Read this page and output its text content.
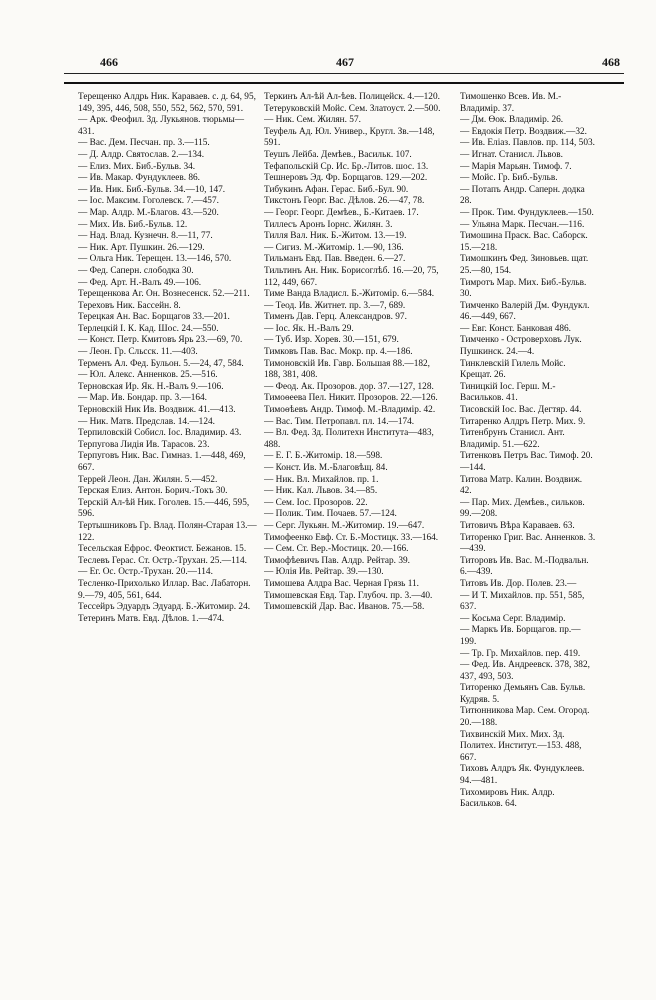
466	467	468

Терещенко Алдрь Ник. Караваев. с. д. 64, 95, 149, 395, 446, 508, 550, 552, 562, 570, 591.

— Арк. Феофил. Зд. Лукьянов. тюрьмы—431.

— Вас. Дем. Песчан. пр. 3.—115.

— Д. Алдр. Святослав. 2.—134.

— Елиз. Мих. Биб.-Бульв. 34.

— Ив. Макар. Фундуклеев. 86.

— Ив. Ник. Биб.-Бульв. 34.—10, 147.

— Іос. Максим. Гоголевск. 7.—457.

— Мар. Алдр. М.-Благов. 43.—520.

— Мих. Ив. Биб.-Бульв. 12.

— Над. Влад. Кузнечн. 8.—11, 77.

— Ник. Арт. Пушкин. 26.—129.

— Ольга Ник. Терещен. 13.—146, 570.

— Фед. Саперн. слободка 30.

— Фед. Арт. Н.-Валъ 49.—106.

Терещенкова Аг. Он. Вознесенск. 52.—211.

Тереховъ Ник. Бассейн. 8.

Терецкая Ан. Вас. Борщагов 33.—201.

Терлецкій І. К. Кад. Шос. 24.—550.

— Конст. Петр. Кмитовъ Ярь 23.—69, 70.

— Леон. Гр. Сльсск. 11.—403.

Терменъ Ал. Фед. Бульон. 5.—24, 47, 584.

— Юл. Алекс. Анненков. 25.—516.

Терновская Ир. Як. Н.-Валъ 9.—106.

— Мар. Ив. Бондар. пр. 3.—164.

Терновскій Ник Ив. Воздвиж. 41.—413.

— Ник. Матв. Предслав. 14.—124.

Терпиловскій Собисл. Іос. Владимир. 43.

Терпугова Лидія Ив. Тарасов. 23.

Терпуговъ Ник. Вас. Гимназ. 1.—448, 469, 667.

Террей Леон. Дан. Жилян. 5.—452.

Терская Елиз. Антон. Борич.-Токъ 30.

Терскій Ал-ѣй Ник. Гоголев. 15.—446, 595, 596.

Тертышниковъ Гр. Влад. Полян-Старая 13.—122.

Тесельская Ефрос. Феоктист. Бежанов. 15.

Теслевъ Герас. Ст. Остр.-Трухан. 25.—114.

— Ег. Ос. Остр.-Трухан. 20.—114.

Тесленко-Прихолько Иллар. Вас. Лабаторн. 9.—79, 405, 561, 644.

Тессейръ Эдуардъ Эдуард. Б.-Житомир. 24.

Тетеринъ Матв. Евд. Дѣлов. 1.—474.

Теркинъ Ал-ѣй Ал-ѣев. Полицейск. 4.—120.

Тетеруковскій Мойс. Сем. Златоуст. 2.—500.

— Ник. Сем. Жилян. 57.

Теуфель Ад. Юл. Универ., Кругл. Зв.—148, 591.

Теушъ Лейба. Демѣев., Васильк. 107.

Тефапольскій Ср. Ис. Бр.-Литов. шос. 13.

Тешнеровъ Эд. Фр. Борщагов. 129.—202.

Тибукинъ Афан. Герас. Биб.-Бул. 90.

Тикстонъ Георг. Вас. Дѣлов. 26.—47, 78.

— Георг. Георг. Демѣев., Б.-Китаев. 17.

Тиллесъ Аронъ Іорнс. Жилян. 3.

Тилля Вал. Ник. Б.-Житом. 13.—19.

— Сигиз. М.-Житомір. 1.—90, 136.

Тильманъ Евд. Пав. Введен. 6.—27.

Тильтинъ Ан. Ник. Борисоглѣб. 16.—20, 75, 112, 449, 667.

Тиме Ванда Владисл. Б.-Житомір. 6.—584.

— Теод. Ив. Житнет. пр. 3.—7, 689.

Тименъ Дав. Герц. Александров. 97.

— Іос. Як. Н.-Валъ 29.

— Туб. Изр. Хорев. 30.—151, 679.

Тимковъ Пав. Вас. Мокр. пр. 4.—186.

Тимоновскій Ив. Гавр. Большая 88.—182, 188, 381, 408.

— Феод. Ак. Прозоров. дор. 37.—127, 128.

Тимоѳеева Пел. Никит. Прозоров. 22.—126.

Тимоѳѣевъ Андр. Тимоф. М.-Владимір. 42.

— Вас. Тим. Петропавл. пл. 14.—174.

— Вл. Фед. Зд. Политехн Института—483, 488.

— Е. Г. Б.-Житомір. 18.—598.

— Конст. Ив. М.-Благовѣщ. 84.

— Ник. Вл. Михайлов. пр. 1.

— Ник. Кал. Львов. 34.—85.

— Сем. Іос. Прозоров. 22.

— Полик. Тим. Почаев. 57.—124.

— Серг. Лукьян. М.-Житомир. 19.—647.

Тимофеенко Евф. Ст. Б.-Мостицк. 33.—164.

— Сем. Ст. Вер.-Мостицк. 20.—166.

Тимофѣевичъ Пав. Алдр. Рейтар. 39.

— Юлія Ив. Рейтар. 39.—130.

Тимошева Алдра Вас. Черная Грязь 11.

Тимошевская Евд. Тар. Глубоч. пр. 3.—40.

Тимошевскій Дар. Вас. Иванов. 75.—58.

Тимошенко Всев. Ив. М.-Владимір. 37.

— Дм. Өок. Владимір. 26.

— Евдокія Петр. Воздвиж.—32.

— Ив. Еліаз. Павлов. пр. 114, 503.

— Игнат. Станисл. Львов.

— Марія Марьян. Тимоф. 7.

— Мойс. Гр. Биб.-Бульв.

— Потапъ Андр. Саперн. додка 28.

— Прок. Тим. Фундуклеев.—150.

— Ульяна Марк. Песчан.—116.

Тимошина Праск. Вас. Саборск. 15.—218.

Тимошкинъ Фед. Зиновьев. щат. 25.—80, 154.

Тимротъ Мар. Мих. Биб.-Бульв. 30.

Тимченко Валерій Дм. Фундукл. 46.—449, 667.

— Евг. Конст. Банковая 486.

Тимченко - Островерховъ Лук. Пушкинск. 24.—4.

Тинклевскій Гилель Мойс. Крещат. 26.

Тиницкій Іос. Герш. М.-Васильков. 41.

Тисовскій Іос. Вас. Дегтяр. 44.

Титаренко Алдръ Петр. Мих. 9.

Титенбрунъ Станисл. Ант. Владимір. 51.—622.

Титенковъ Петръ Вас. Тимоф. 20.—144.

Титова Матр. Калин. Воздвиж. 42.

— Пар. Мих. Демѣев., сильков. 99.—208.

Титовичъ Вѣра Караваев. 63.

Титоренко Григ. Вас. Анненков. 3.—439.

Титоровъ Ив. Вас. М.-Подвальн. 6.—439.

Титовъ Ив. Дор. Полев. 23.—

— И Т. Михайлов. пр. 551, 585, 637.

— Косьма Серг. Владимір.

— Маркъ Ив. Борщагов. пр.—199.

— Тр. Гр. Михайлов. пер. 419.

— Фед. Ив. Андреевск. 378, 382, 437, 493, 503.

Титоренко Демьянъ Сав. Бульв. Кудряв. 5.

Титюнникова Мар. Сем. Огород. 20.—188.

Тихвинскій Мих. Мих. Зд. Политех. Институт.—153. 488, 667.

Тиховъ Алдръ Як. Фундуклеев. 94.—481.

Тихомировъ Ник. Алдр. Басильков. 64.
